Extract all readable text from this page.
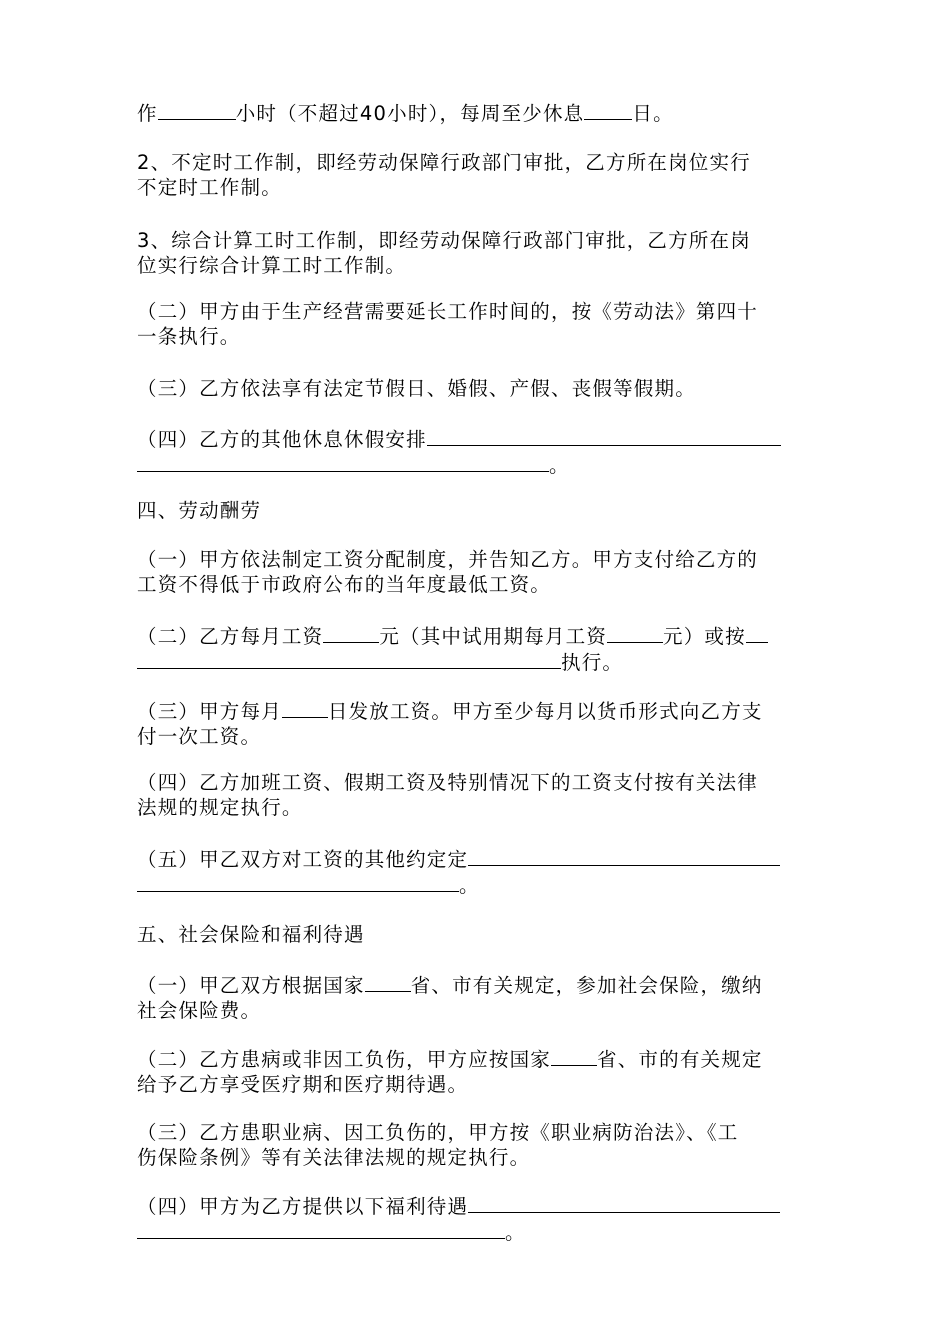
作	小时（不超过40小时），每周至少休息 日。
2、不定时工作制，即经劳动保障行政部门审批，乙方所在岗位实行
不定时工作制。
3、综合计算工时工作制，即经劳动保障行政部门审批，乙方所在岗
位实行综合计算工时工作制。
（二）甲方由于生产经营需要延长工作时间的，按《劳动法》第四十
一条执行。
（三）乙方依法享有法定节假日、婚假、产假、丧假等假期。
（四）乙方的其他休息休假安排
。
四、劳动酬劳
（一）甲方依法制定工资分配制度，并告知乙方。甲方支付给乙方的
工资不得低于市政府公布的当年度最低工资。
（二）乙方每月工资	元（其中试用期每月工资	元）或按
执行。
（三）甲方每月 日发放工资。甲方至少每月以货币形式向乙方支
付一次工资。
（四）乙方加班工资、假期工资及特别情况下的工资支付按有关法律
法规的规定执行。
（五）甲乙双方对工资的其他约定定
。
五、社会保险和福利待遇
（一）甲乙双方根据国家 省、市有关规定，参加社会保险，缴纳
社会保险费。
（二）乙方患病或非因工负伤，甲方应按国家 省、市的有关规定
给予乙方享受医疗期和医疗期待遇。
（三）乙方患职业病、因工负伤的，甲方按《职业病防治法》、《工
伤保险条例》等有关法律法规的规定执行。
（四）甲方为乙方提供以下福利待遇
。
